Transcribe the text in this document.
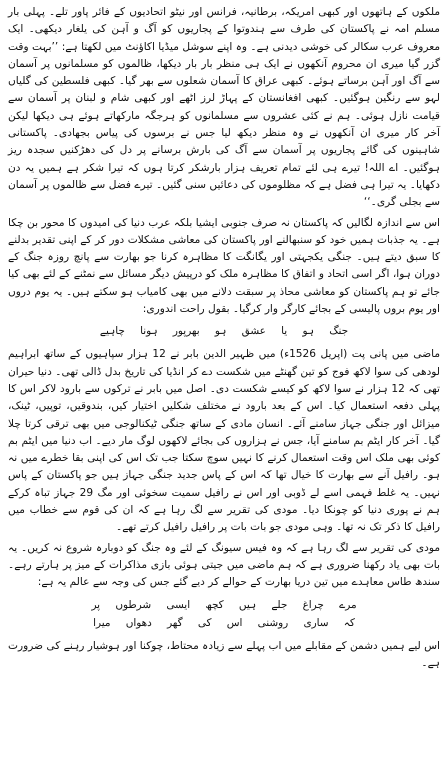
ملکوں کے ہاتھوں اور کبھی امریکہ، برطانیہ، فرانس اور نیٹو اتحادیوں کے فائر پاور تلے۔ پہلی بار مسلم امہ نے پاکستان کی طرف سے ہندوتوا کے پجاریوں کو آگ و آہن کی یلغار دیکھی۔ ایک معروف عرب سکالر کی خوشی دیدنی ہے۔ وہ اپنے سوشل میڈیا اکاؤنٹ میں لکھتا ہے: ’’بہت وقت گزر گیا میری ان محروم آنکھوں نے ایک ہی منظر بار بار دیکھا، ظالموں کو مسلمانوں پر آسمان سے آگ اور آہن برساتے ہوئے۔ کبھی عراق کا آسمان شعلوں سے بھر گیا۔ کبھی فلسطین کی گلیاں لہو سے رنگین ہوگئیں۔ کبھی افغانستان کے پہاڑ لرز اٹھے اور کبھی شام و لبنان پر آسمان سے قیامت نازل ہوئی۔ ہم نے کئی عشروں سے مسلمانوں کو ہرجگہ مارکھاتے ہوئے ہی دیکھا لیکن آخر کار میری ان آنکھوں نے وہ منظر دیکھ لیا جس نے برسوں کی پیاس بجھادی۔ پاکستانی شاہینوں کی گائے پجاریوں پر آسمان سے آگ کی بارش برسانے پر دل کی دھڑکنیں سجدہ ریز ہوگئیں۔ اے اللہ! تیرے ہی لئے تمام تعریف ہزار بارشکر کرتا ہوں کہ تیرا شکر ہے ہمیں یہ دن دکھایا۔ یہ تیرا ہی فضل ہے کہ مظلوموں کی دعائیں سنی گئیں۔ تیرے فضل سے ظالموں پر آسمان سے بجلی گری۔‘‘

اس سے اندازہ لگالیں کہ پاکستان نہ صرف جنوبی ایشیا بلکہ عرب دنیا کی امیدوں کا محور بن چکا ہے۔ یہ جذبات ہمیں خود کو سنبھالنے اور پاکستان کی معاشی مشکلات دور کر کے اپنی تقدیر بدلنے کا سبق دیتے ہیں۔ جنگی یکجہتی اور یگانگت کا مظاہرہ کرنا جو بھارت سے پانچ روزہ جنگ کے دوران ہوا، اگر اسی اتحاد و اتفاق کا مظاہرہ ملک کو درپیش دیگر مسائل سے نمٹنے کے لئے بھی کیا جائے تو ہم پاکستان کو معاشی محاذ پر سبقت دلانے میں بھی کامیاب ہو سکتے ہیں۔ یہ یوم دروں اور یوم بروں پالیسی کے بجائے کارگر وار کرگیا۔ بقول راحت اندوری:

جنگ ہو یا عشق ہو بھرپور ہونا چاہیے

ماضی میں پانی پت (اپریل 1526ء) میں ظہیر الدین بابر نے 12 ہزار سپاہیوں کے ساتھ ابراہیم لودھی کی سوا لاکھ فوج کو تین گھنٹے میں شکست دے کر انڈیا کی تاریخ بدل ڈالی تھی۔ دنیا حیران تھی کہ 12 ہزار نے سوا لاکھ کو کیسے شکست دی۔ اصل میں بابر نے ترکوں سے بارود لاکر اس کا پہلی دفعہ استعمال کیا۔ اس کے بعد بارود نے مختلف شکلیں اختیار کیں، بندوقیں، توپیں، ٹینک، میزائل اور جنگی جہاز سامنے آئے۔ انسان مادی کے ساتھ جنگی ٹیکنالوجی میں بھی ترقی کرتا چلا گیا۔ آخر کار ایٹم بم سامنے آیا، جس نے ہزاروں کی بجائے لاکھوں لوگ مار دیے۔ اب دنیا میں ایٹم بم کوئی بھی ملک اس وقت استعمال کرنے کا نہیں سوچ سکتا جب تک اس کی اپنی بقا خطرے میں نہ ہو۔ رافیل آنے سے بھارت کا خیال تھا کہ اس کے پاس جدید جنگی جہاز ہیں جو پاکستان کے پاس نہیں۔ یہ غلط فہمی اسے لے ڈوبی اور اس نے رافیل سمیت سخوئی اور مگ 29 جہاز تباہ کرکے ہم نے پوری دنیا کو چونکا دیا۔ مودی کی تقریر سے لگ رہا ہے کہ ان کی قوم سے خطاب میں رافیل کا ذکر تک نہ تھا۔ وہی مودی جو بات بات پر رافیل رافیل کرتے تھے۔

مودی کی تقریر سے لگ رہا ہے کہ وہ فیس سیونگ کے لئے وہ جنگ کو دوبارہ شروع نہ کریں۔ یہ بات بھی یاد رکھنا ضروری ہے کہ ہم ماضی میں جیتی ہوئی بازی مذاکرات کے میز پر ہارتے رہے۔ سندھ طاس معاہدے میں تین دریا بھارت کے حوالے کر دیے گئے جس کی وجہ سے عالم یہ ہے:

مرے چراغ جلے ہیں کچھ ایسی شرطوں پر

کہ ساری روشنی اس کی گھر دھواں میرا

اس لیے ہمیں دشمن کے مقابلے میں اب پہلے سے زیادہ محتاط، چوکنا اور ہوشیار رہنے کی ضرورت ہے۔
